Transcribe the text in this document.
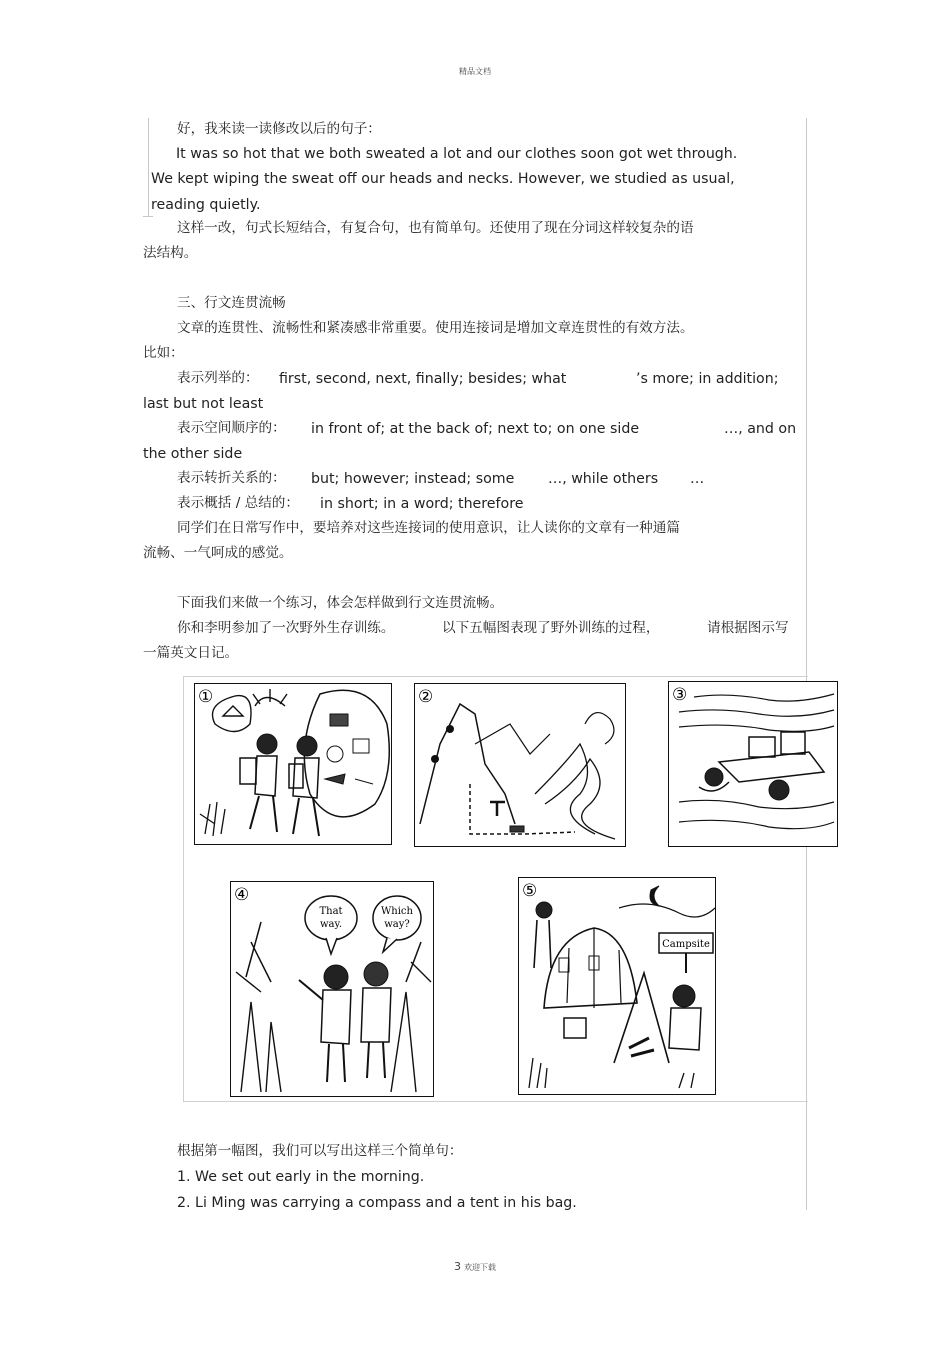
精品文档
好，我来读一读修改以后的句子：
It was so hot that we both sweated a lot and our clothes soon got wet through.
We kept wiping the sweat off our heads and necks. However, we studied as usual,
reading quietly.
这样一改，句式长短结合，有复合句，也有简单句。还使用了现在分词这样较复杂的语
法结构。
三、行文连贯流畅
文章的连贯性、流畅性和紧凑感非常重要。使用连接词是增加文章连贯性的有效方法。
比如：
表示列举的： first, second, next, finally; besides; what	’s more; in addition;
last but not least
表示空间顺序的： in front of; at the back of; next to; on one side	…, and on
the other side
表示转折关系的： but; however; instead; some …, while others …
表示概括 / 总结的： in short; in a word; therefore
同学们在日常写作中，要培养对这些连接词的使用意识，让人读你的文章有一种通篇
流畅、一气呵成的感觉。
下面我们来做一个练习，体会怎样做到行文连贯流畅。
你和李明参加了一次野外生存训练。	以下五幅图表现了野外训练的过程，	请根据图示写
一篇英文日记。
①	②	③
④
That
way.
Which
way?
⑤
Campsite
根据第一幅图，我们可以写出这样三个简单句：
1. We set out early in the morning.
2. Li Ming was carrying a compass and a tent in his bag.
3 欢迎下载
